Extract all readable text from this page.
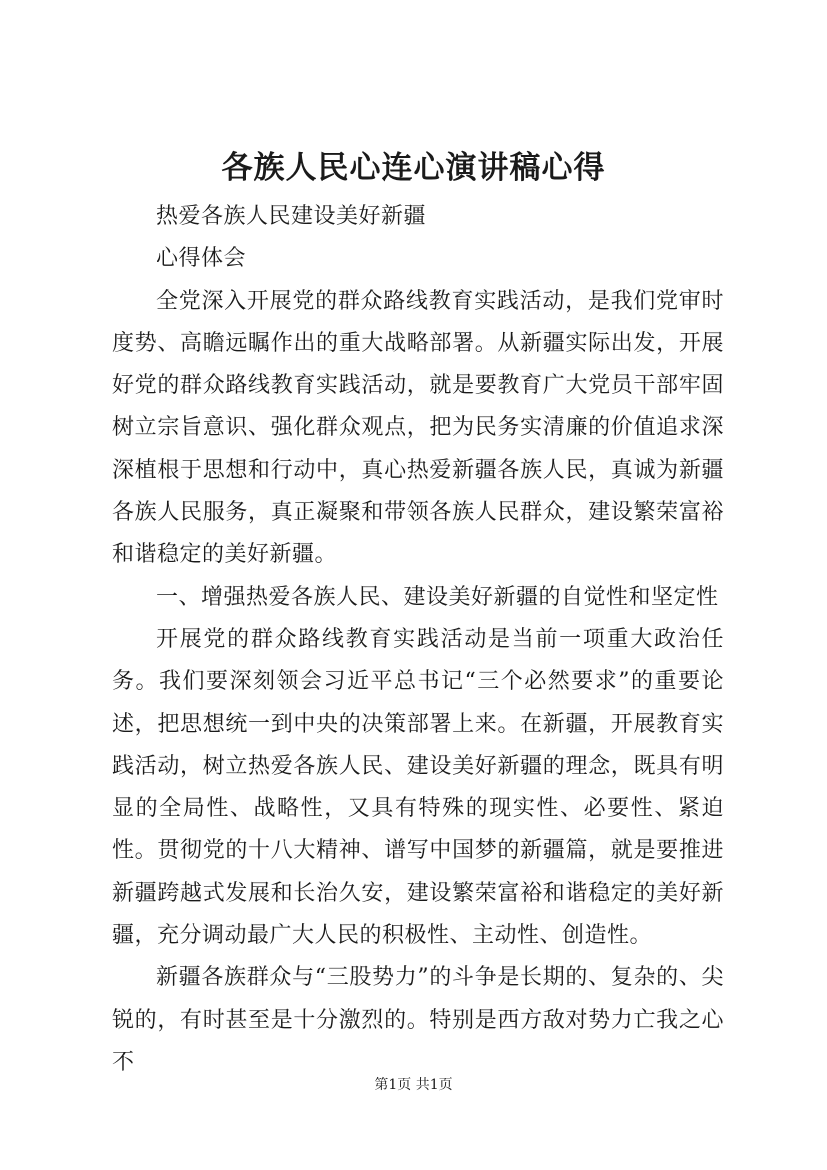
各族人民心连心演讲稿心得

热爱各族人民建设美好新疆

心得体会

全党深入开展党的群众路线教育实践活动，是我们党审时度势、高瞻远瞩作出的重大战略部署。从新疆实际出发，开展好党的群众路线教育实践活动，就是要教育广大党员干部牢固树立宗旨意识、强化群众观点，把为民务实清廉的价值追求深深植根于思想和行动中，真心热爱新疆各族人民，真诚为新疆各族人民服务，真正凝聚和带领各族人民群众，建设繁荣富裕和谐稳定的美好新疆。

一、增强热爱各族人民、建设美好新疆的自觉性和坚定性

开展党的群众路线教育实践活动是当前一项重大政治任务。我们要深刻领会习近平总书记“三个必然要求”的重要论述，把思想统一到中央的决策部署上来。在新疆，开展教育实践活动，树立热爱各族人民、建设美好新疆的理念，既具有明显的全局性、战略性，又具有特殊的现实性、必要性、紧迫性。贯彻党的十八大精神、谱写中国梦的新疆篇，就是要推进新疆跨越式发展和长治久安，建设繁荣富裕和谐稳定的美好新疆，充分调动最广大人民的积极性、主动性、创造性。

新疆各族群众与“三股势力”的斗争是长期的、复杂的、尖锐的，有时甚至是十分激烈的。特别是西方敌对势力亡我之心不

第1页 共1页
